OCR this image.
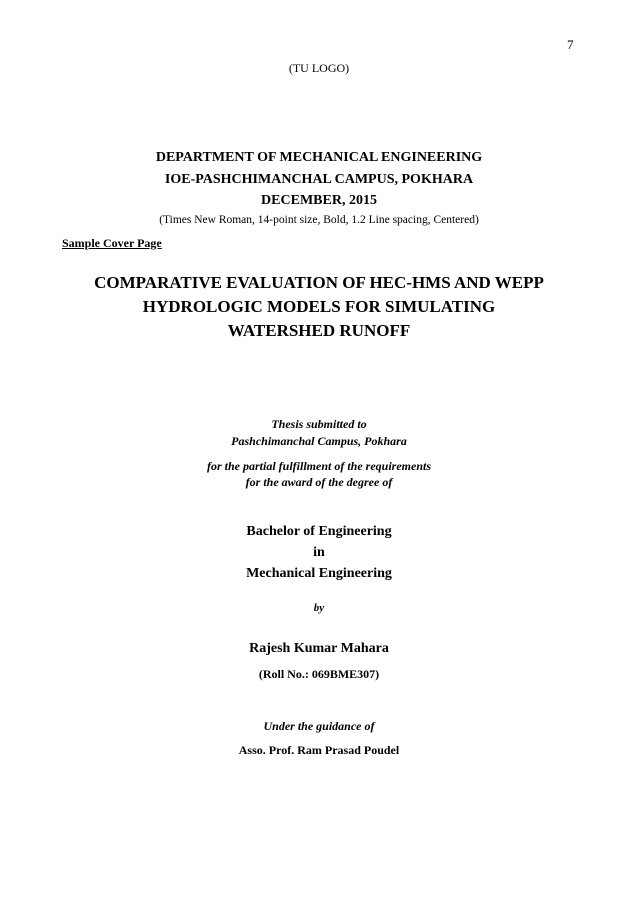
7
(TU LOGO)
DEPARTMENT OF MECHANICAL ENGINEERING
IOE-PASHCHIMANCHAL CAMPUS, POKHARA
DECEMBER, 2015
(Times New Roman, 14-point size, Bold, 1.2 Line spacing, Centered)
Sample Cover Page
COMPARATIVE EVALUATION OF HEC-HMS AND WEPP
HYDROLOGIC MODELS FOR SIMULATING
WATERSHED RUNOFF
Thesis submitted to
Pashchimanchal Campus, Pokhara
for the partial fulfillment of the requirements
for the award of the degree of
Bachelor of Engineering
in
Mechanical Engineering
by
Rajesh Kumar Mahara
(Roll No.: 069BME307)
Under the guidance of
Asso. Prof. Ram Prasad Poudel
